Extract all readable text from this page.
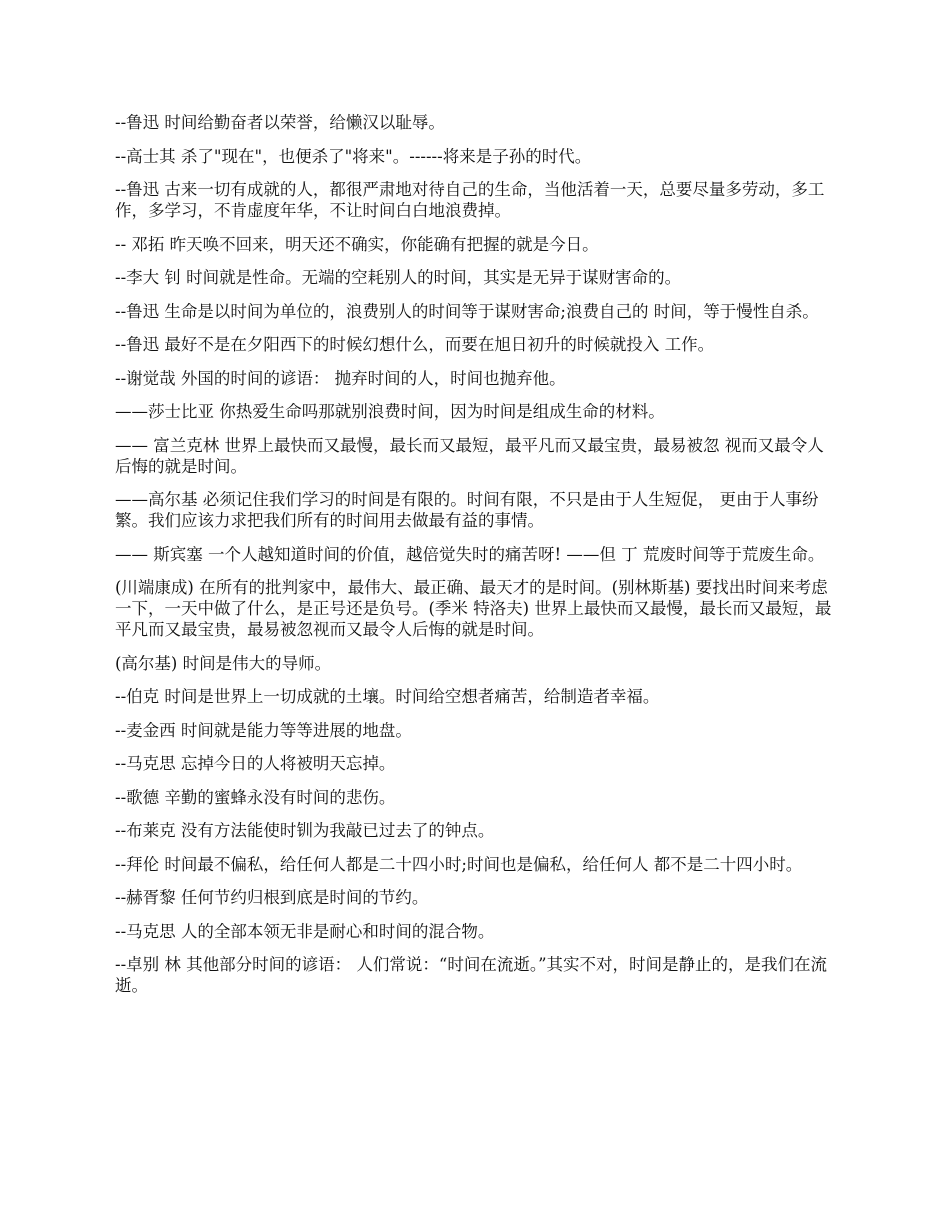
--鲁迅 时间给勤奋者以荣誉，给懒汉以耻辱。

--高士其 杀了"现在"，也便杀了"将来"。------将来是子孙的时代。

--鲁迅 古来一切有成就的人，都很严肃地对待自己的生命，当他活着一天，总要尽量多劳动，多工作，多学习，不肯虚度年华，不让时间白白地浪费掉。

-- 邓拓 昨天唤不回来，明天还不确实，你能确有把握的就是今日。

--李大 钊 时间就是性命。无端的空耗别人的时间，其实是无异于谋财害命的。

--鲁迅 生命是以时间为单位的，浪费别人的时间等于谋财害命;浪费自己的 时间，等于慢性自杀。

--鲁迅 最好不是在夕阳西下的时候幻想什么，而要在旭日初升的时候就投入 工作。

--谢觉哉 外国的时间的谚语： 抛弃时间的人，时间也抛弃他。

——莎士比亚 你热爱生命吗那就别浪费时间，因为时间是组成生命的材料。

—— 富兰克林 世界上最快而又最慢，最长而又最短，最平凡而又最宝贵，最易被忽 视而又最令人后悔的就是时间。

——高尔基 必须记住我们学习的时间是有限的。时间有限，不只是由于人生短促， 更由于人事纷繁。我们应该力求把我们所有的时间用去做最有益的事情。

—— 斯宾塞 一个人越知道时间的价值，越倍觉失时的痛苦呀! ——但 丁 荒废时间等于荒废生命。

(川端康成) 在所有的批判家中，最伟大、最正确、最天才的是时间。(别林斯基) 要找出时间来考虑一下，一天中做了什么，是正号还是负号。(季米 特洛夫) 世界上最快而又最慢，最长而又最短，最平凡而又最宝贵，最易被忽视而又最令人后悔的就是时间。

(高尔基) 时间是伟大的导师。

--伯克 时间是世界上一切成就的土壤。时间给空想者痛苦，给制造者幸福。

--麦金西 时间就是能力等等进展的地盘。

--马克思 忘掉今日的人将被明天忘掉。

--歌德 辛勤的蜜蜂永没有时间的悲伤。

--布莱克 没有方法能使时钏为我敲已过去了的钟点。

--拜伦 时间最不偏私，给任何人都是二十四小时;时间也是偏私，给任何人 都不是二十四小时。

--赫胥黎 任何节约归根到底是时间的节约。

--马克思 人的全部本领无非是耐心和时间的混合物。

--卓别 林 其他部分时间的谚语： 人们常说：“时间在流逝。”其实不对，时间是静止的，是我们在流逝。
